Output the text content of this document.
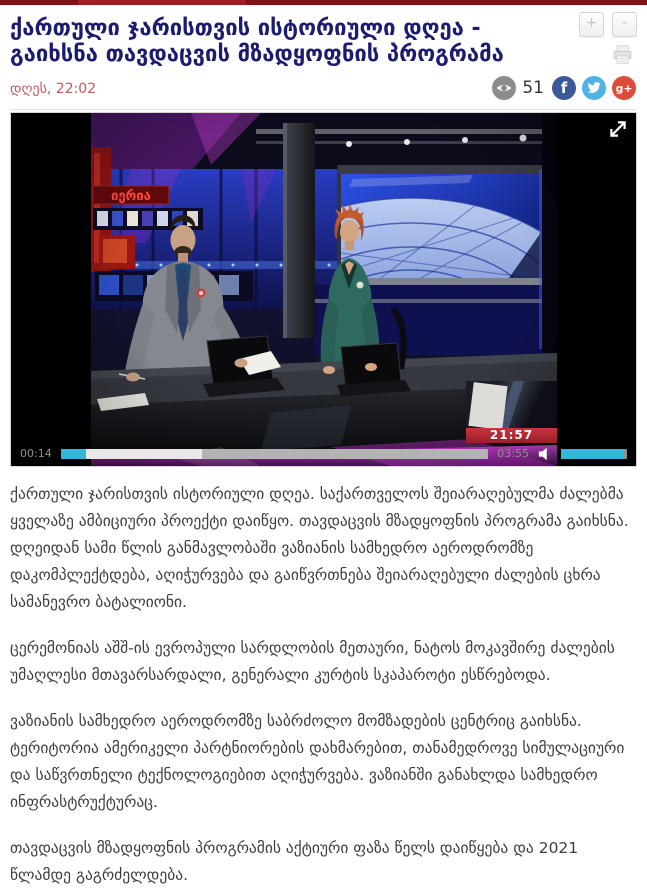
ქართული ჯარისთვის ისტორიული დღეა -
გაიხსნა თავდაცვის მზადყოფნის პროგრამა
დღეს, 22:02
+	-
51 f	g+
21:57
00:14	03:55

ქართული ჯარისთვის ისტორიული დღეა. საქართველოს შეიარაღებულმა ძალებმა ყველაზე ამბიციური პროექტი დაიწყო. თავდაცვის მზადყოფნის პროგრამა გაიხსნა. დღეიდან სამი წლის განმავლობაში ვაზიანის სამხედრო აეროდრომზე დაკომპლექტდება, აღიჭურვება და გაიწვრთნება შეიარაღებული ძალების ცხრა სამანევრო ბატალიონი.

ცერემონიას აშშ-ის ევროპული სარდლობის მეთაური, ნატოს მოკავშირე ძალების უმაღლესი მთავარსარდალი, გენერალი კურტის სკაპაროტი ესწრებოდა.

ვაზიანის სამხედრო აეროდრომზე საბრძოლო მომზადების ცენტრიც გაიხსნა. ტერიტორია ამერიკელი პარტნიორების დახმარებით, თანამედროვე სიმულაციური და საწვრთნელი ტექნოლოგიებით აღიჭურვება. ვაზიანში განახლდა სამხედრო ინფრასტრუქტურაც.

თავდაცვის მზადყოფნის პროგრამის აქტიური ფაზა წელს დაიწყება და 2021 წლამდე გაგრძელდება.
